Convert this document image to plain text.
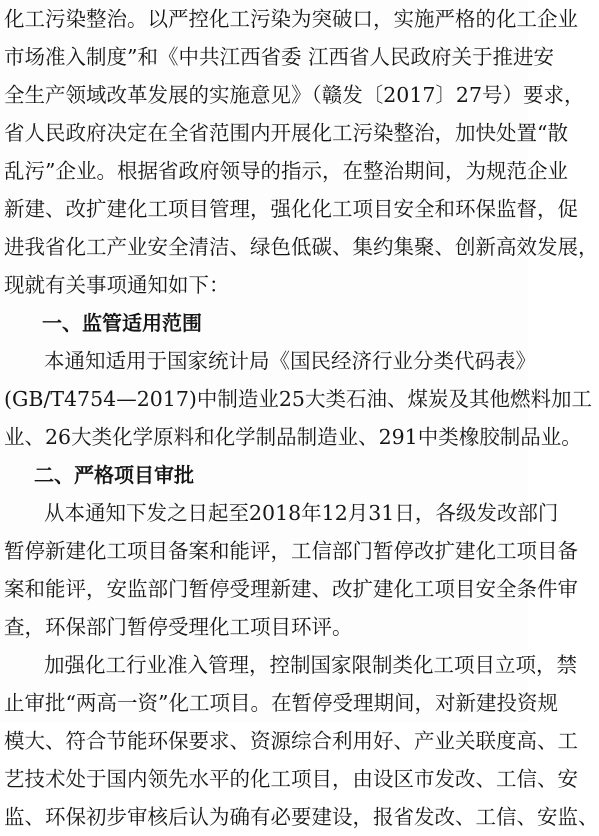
化工污染整治。以严控化工污染为突破口，实施严格的化工企业
市场准入制度”和《中共江西省委 江西省人民政府关于推进安
全生产领域改革发展的实施意见》（赣发〔2017〕27号）要求，
省人民政府决定在全省范围内开展化工污染整治，加快处置“散
乱污”企业。根据省政府领导的指示，在整治期间，为规范企业
新建、改扩建化工项目管理，强化化工项目安全和环保监督，促
进我省化工产业安全清洁、绿色低碳、集约集聚、创新高效发展，
现就有关事项通知如下：
一、监管适用范围
本通知适用于国家统计局《国民经济行业分类代码表》
(GB/T4754—2017)中制造业25大类石油、煤炭及其他燃料加工
业、26大类化学原料和化学制品制造业、291中类橡胶制品业。
二、严格项目审批
从本通知下发之日起至2018年12月31日，各级发改部门
暂停新建化工项目备案和能评，工信部门暂停改扩建化工项目备
案和能评，安监部门暂停受理新建、改扩建化工项目安全条件审
查，环保部门暂停受理化工项目环评。
加强化工行业准入管理，控制国家限制类化工项目立项，禁
止审批“两高一资”化工项目。在暂停受理期间，对新建投资规
模大、符合节能环保要求、资源综合利用好、产业关联度高、工
艺技术处于国内领先水平的化工项目，由设区市发改、工信、安
监、环保初步审核后认为确有必要建设，报省发改、工信、安监、
